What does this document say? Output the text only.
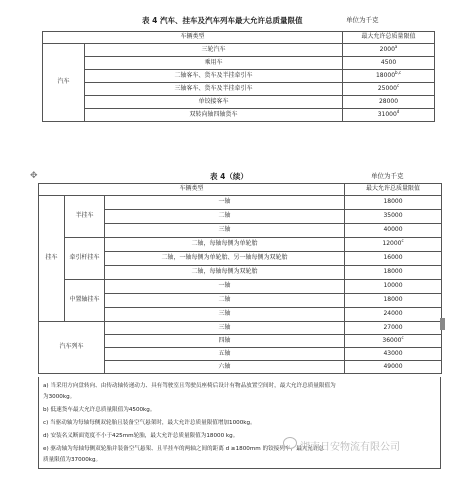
表 4 汽车、挂车及汽车列车最大允许总质量限值	单位为千克
车辆类型		最大允许总质量限值
汽车	三轮汽车	2000$^a$
	乘用车	4500
	二轴客车、货车及半挂牵引车	18000$^{b,c}$
	三轴客车、货车及半挂牵引车	25000$^c$
	单铰接客车	28000
	双转向轴四轴货车	31000$^d$
✥	表 4（续）	单位为千克
车辆类型			最大允许总质量限值
挂车	半挂车	一轴	18000
		二轴	35000
		三轴	40000
	牵引杆挂车	二轴，每轴每侧为单轮胎	12000$^c$
		二轴，一轴每侧为单轮胎、另一轴每侧为双轮胎	16000
		二轴，每轴每侧为双轮胎	18000
	中置轴挂车	一轴	10000
		二轴	18000
		三轴	24000
汽车列车		三轴	27000
		四轴	36000$^c$
		五轴	43000
		六轴	49000
a) 当采用方向盘转向、由传动轴传递动力、具有驾驶室且驾驶员座椅后设计有物品放置空间时，最大允许总质量限值为
为3000kg。
b) 低速货车最大允许总质量限值为4500kg。
c) 当驱动轴为每轴每侧双轮胎且装备空气悬架时，最大允许总质量限值增加1000kg。
d) 安装名义断面宽度不小于425mm轮胎，最大允许总质量限值为18000 kg。
e) 驱动轴为每轴每侧双轮胎并装备空气悬架、且半挂车的两轴之间的距离 d ≥1800mm 的铰接列车，最大允许总
质量限值为37000kg。
湖南日安物流有限公司
